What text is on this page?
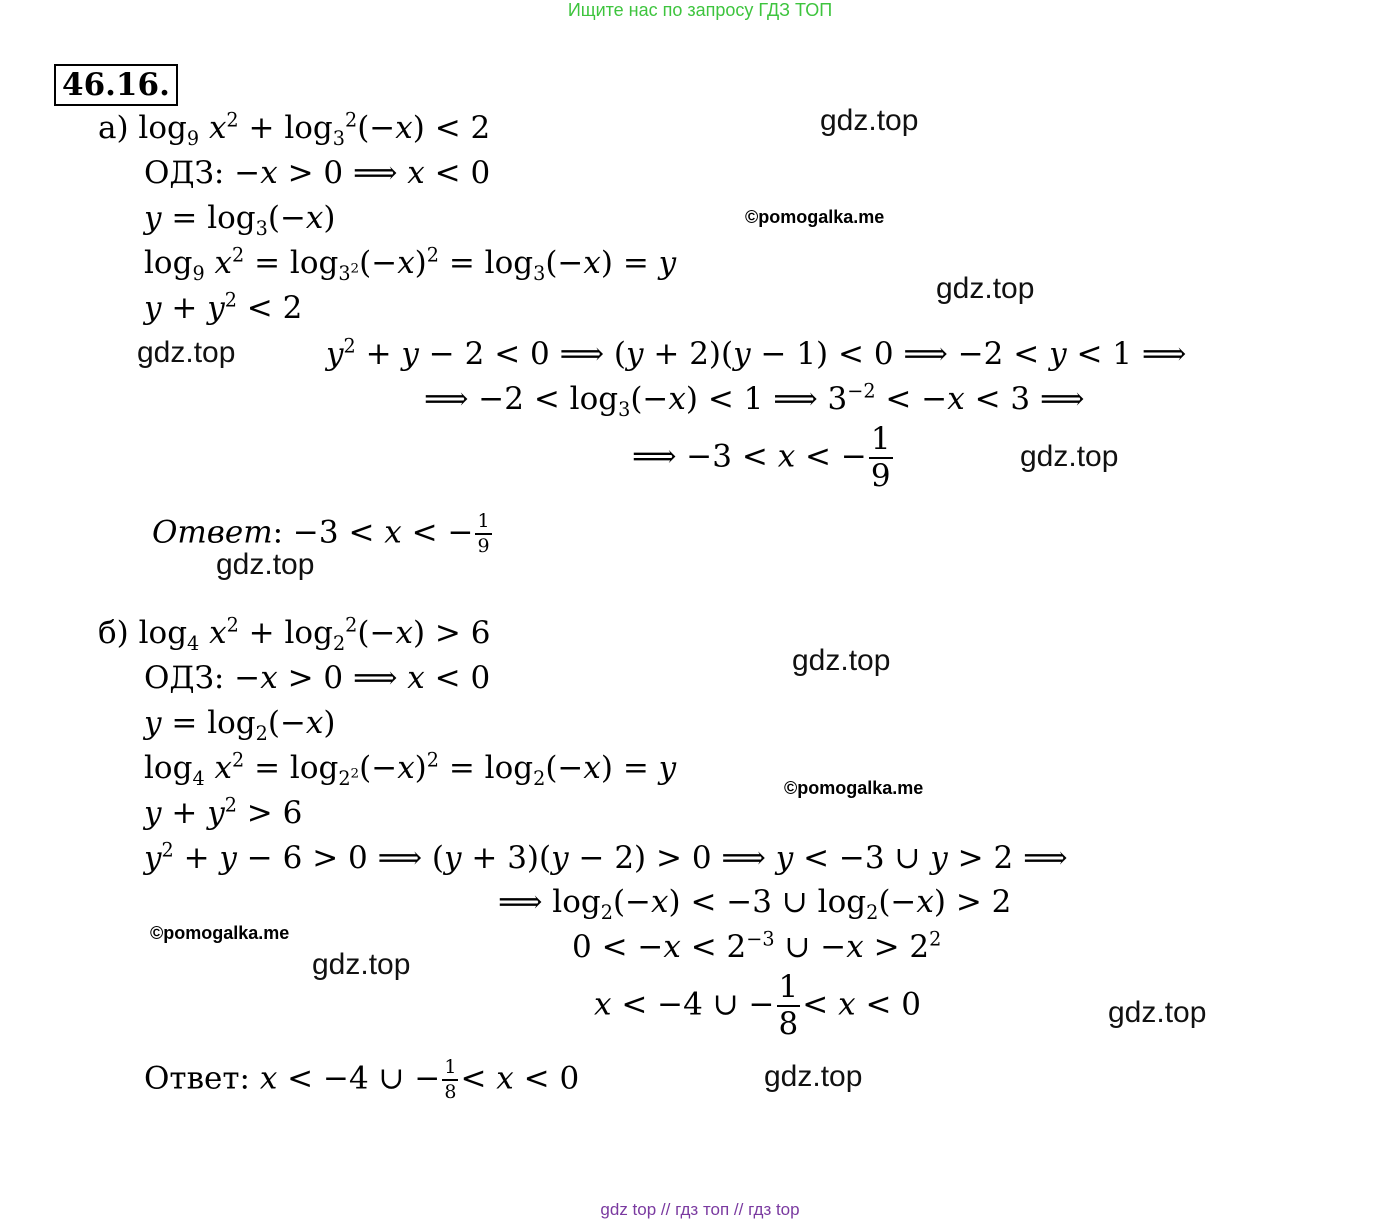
Ищите нас по запросу ГДЗ ТОП
46.16.
а) $\log_9 x^2 + \log_3^2(-x) < 2$
ОДЗ: −x > 0 ⟹ x < 0
$y = \log_3(-x)$
$\log_9 x^2 = \log_{3^2}(-x)^2 = \log_3(-x) = y$
$y + y^2 < 2$
$y^2 + y - 2 < 0$ ⟹ (y + 2)(y − 1) < 0 ⟹ −2 < y < 1 ⟹
⟹ $-2 < \log_3(-x) < 1$ ⟹ $3^{-2} < -x < 3$ ⟹
⟹ −3 < x < − $\frac{1}{9}$
Ответ: −3 < x < − $\frac{1}{9}$
б) $\log_4 x^2 + \log_2^2(-x) > 6$
ОДЗ: −x > 0 ⟹ x < 0
$y = \log_2(-x)$
$\log_4 x^2 = \log_{2^2}(-x)^2 = \log_2(-x) = y$
$y + y^2 > 6$
$y^2 + y - 6 > 0$ ⟹ (y + 3)(y − 2) > 0 ⟹ y < −3 ∪ y > 2 ⟹
⟹ $\log_2(-x) < -3$ ∪ $\log_2(-x) > 2$
$0 < -x < 2^{-3}$ ∪ $-x > 2^2$
x < −4 ∪ − $\frac{1}{8} < x < 0$
Ответ: x < −4 ∪ − $\frac{1}{8} < x < 0$
gdz.top
©pomogalka.me
gdz.top
gdz.top
gdz.top
gdz.top
gdz.top
©pomogalka.me
©pomogalka.me
gdz.top
gdz.top
gdz.top
gdz top // гдз топ // гдз top
